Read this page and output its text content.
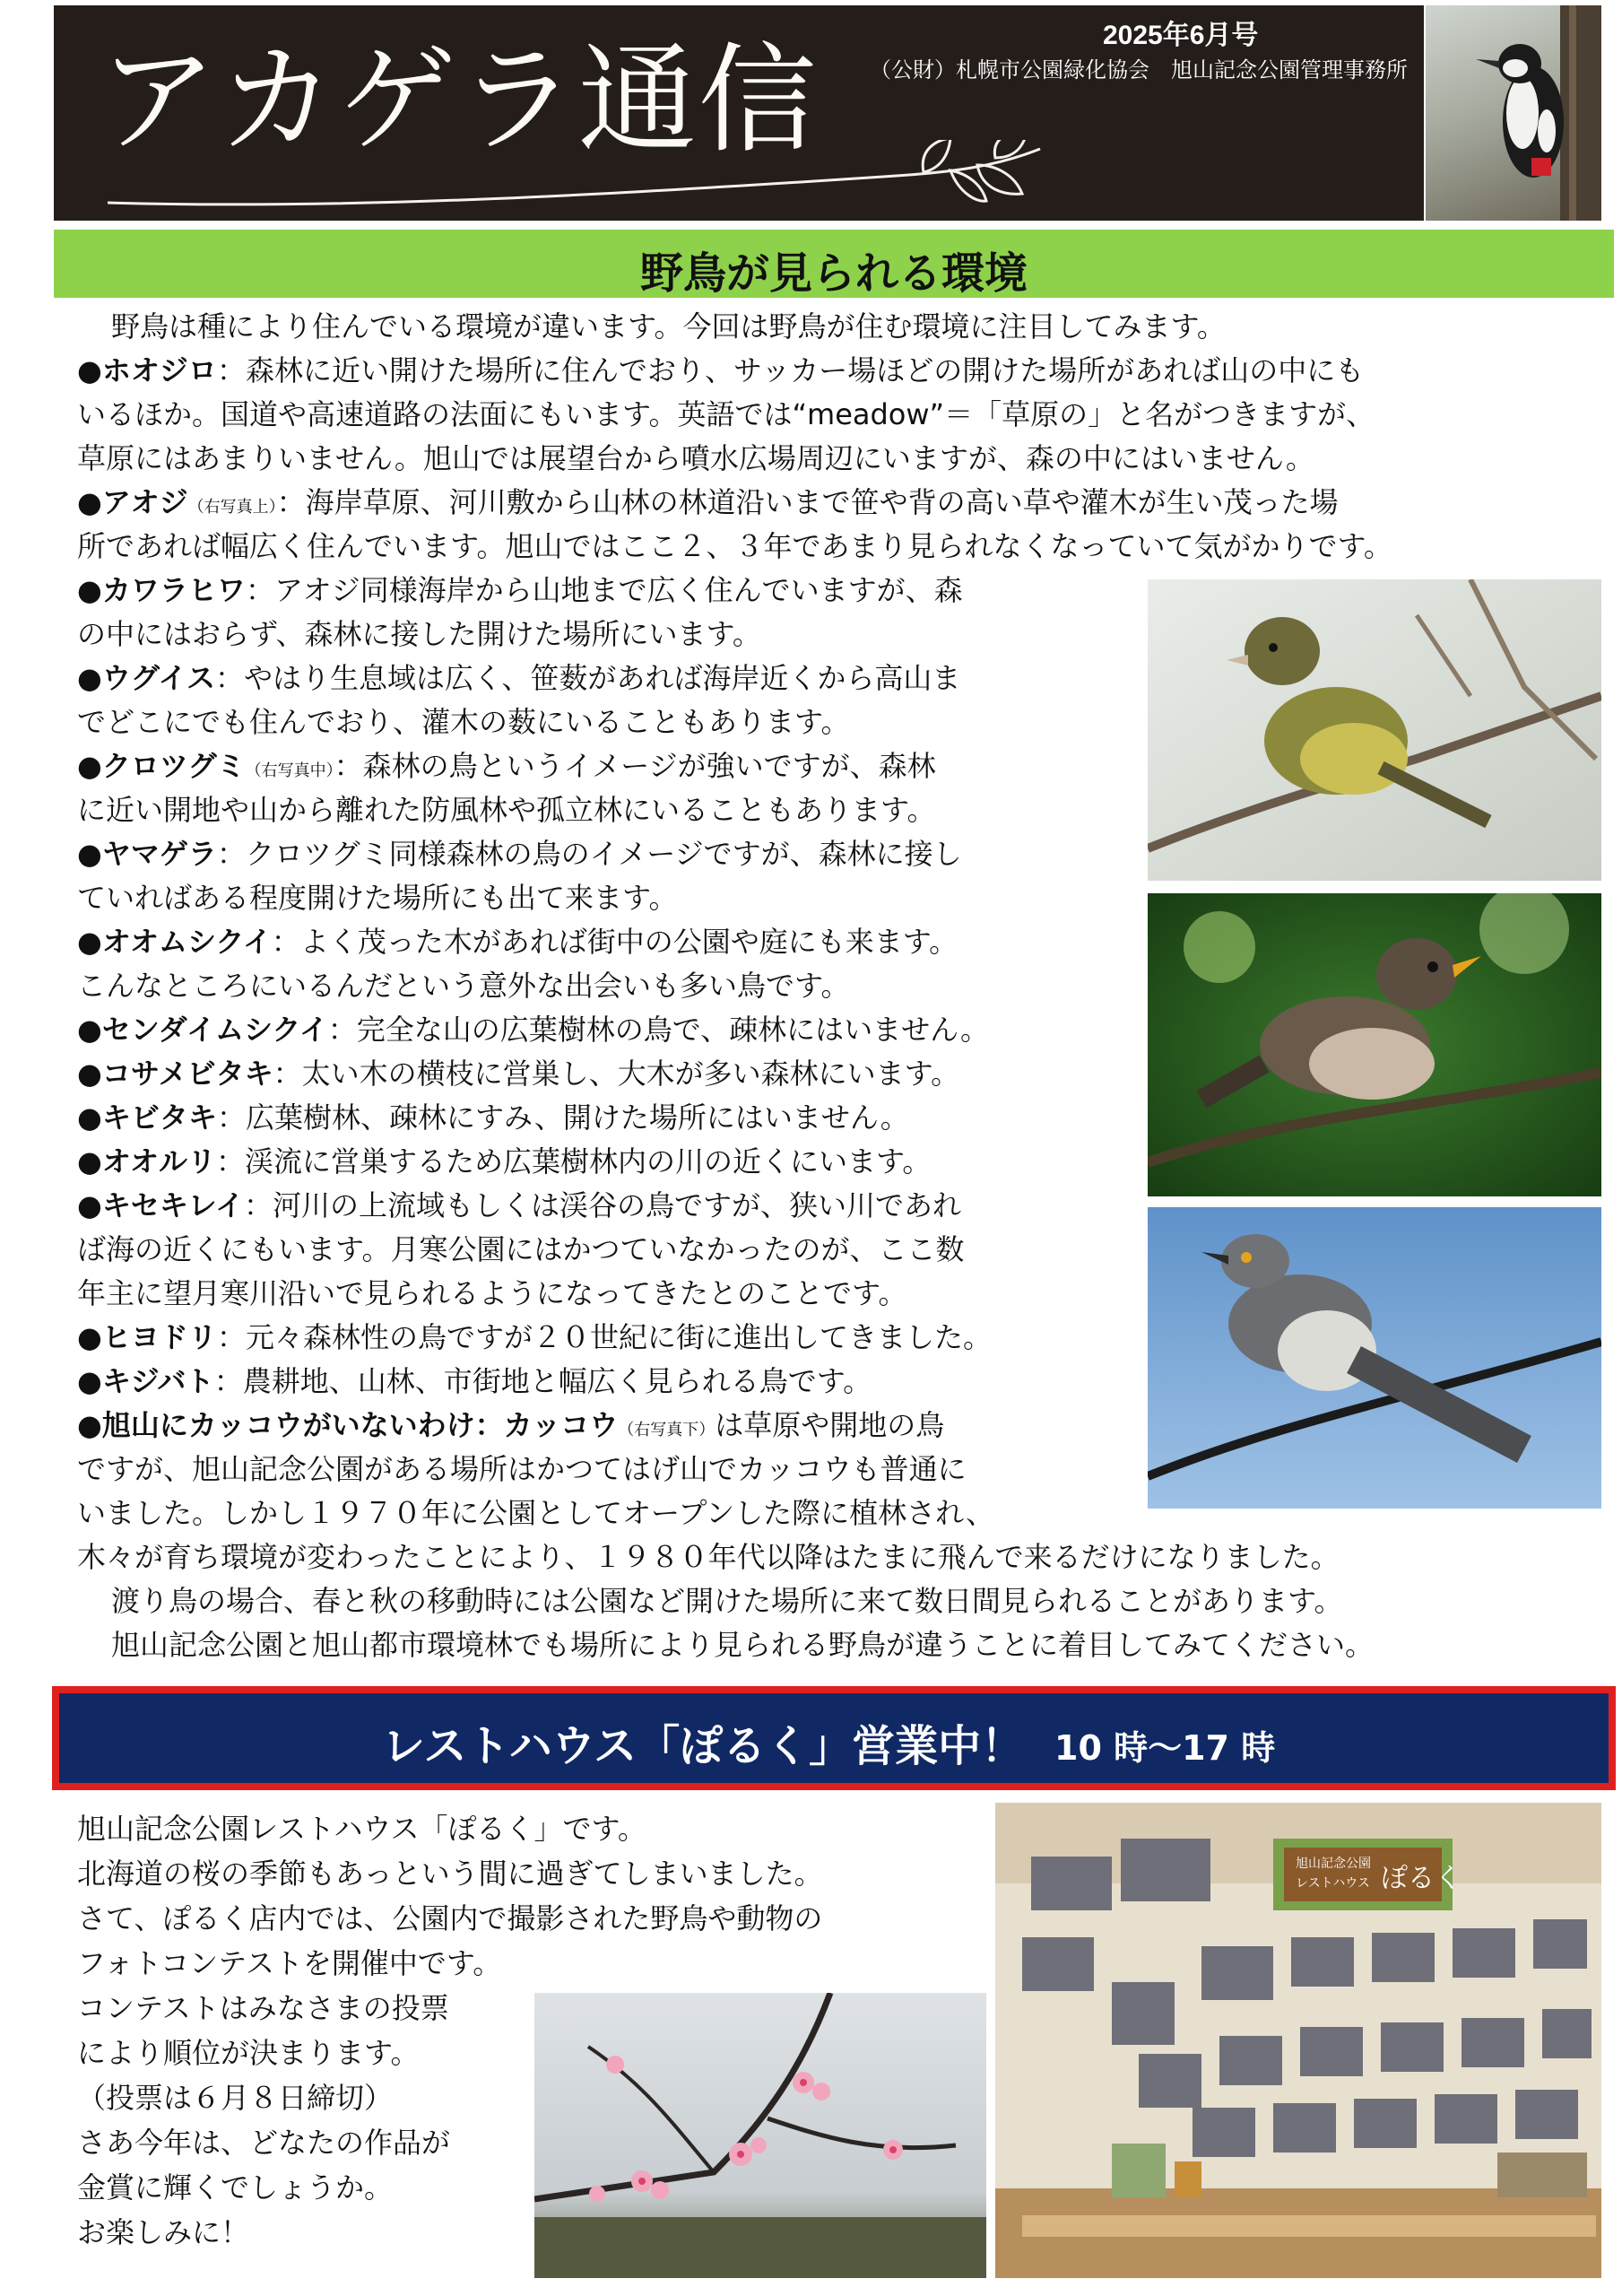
アカゲラ通信	2025年6月号
（公財）札幌市公園緑化協会　旭山記念公園管理事務所
野鳥が見られる環境
野鳥は種により住んでいる環境が違います。今回は野鳥が住む環境に注目してみます。
●ホオジロ：森林に近い開けた場所に住んでおり、サッカー場ほどの開けた場所があれば山の中にも
いるほか。国道や高速道路の法面にもいます。英語では“meadow”＝「草原の」と名がつきますが、
草原にはあまりいません。旭山では展望台から噴水広場周辺にいますが、森の中にはいません。
●アオジ（右写真上）：海岸草原、河川敷から山林の林道沿いまで笹や背の高い草や灌木が生い茂った場
所であれば幅広く住んでいます。旭山ではここ２、３年であまり見られなくなっていて気がかりです。
●カワラヒワ：アオジ同様海岸から山地まで広く住んでいますが、森
の中にはおらず、森林に接した開けた場所にいます。
●ウグイス：やはり生息域は広く、笹薮があれば海岸近くから高山ま
でどこにでも住んでおり、灌木の薮にいることもあります。
●クロツグミ（右写真中）：森林の鳥というイメージが強いですが、森林
に近い開地や山から離れた防風林や孤立林にいることもあります。
●ヤマゲラ：クロツグミ同様森林の鳥のイメージですが、森林に接し
ていればある程度開けた場所にも出て来ます。
●オオムシクイ：よく茂った木があれば街中の公園や庭にも来ます。
こんなところにいるんだという意外な出会いも多い鳥です。
●センダイムシクイ：完全な山の広葉樹林の鳥で、疎林にはいません。
●コサメビタキ：太い木の横枝に営巣し、大木が多い森林にいます。
●キビタキ：広葉樹林、疎林にすみ、開けた場所にはいません。
●オオルリ：渓流に営巣するため広葉樹林内の川の近くにいます。
●キセキレイ：河川の上流域もしくは渓谷の鳥ですが、狭い川であれ
ば海の近くにもいます。月寒公園にはかつていなかったのが、ここ数
年主に望月寒川沿いで見られるようになってきたとのことです。
●ヒヨドリ：元々森林性の鳥ですが２０世紀に街に進出してきました。
●キジバト：農耕地、山林、市街地と幅広く見られる鳥です。
●旭山にカッコウがいないわけ：カッコウ（右写真下）は草原や開地の鳥
ですが、旭山記念公園がある場所はかつてはげ山でカッコウも普通に
いました。しかし１９７０年に公園としてオープンした際に植林され、
木々が育ち環境が変わったことにより、１９８０年代以降はたまに飛んで来るだけになりました。
渡り鳥の場合、春と秋の移動時には公園など開けた場所に来て数日間見られることがあります。
旭山記念公園と旭山都市環境林でも場所により見られる野鳥が違うことに着目してみてください。
レストハウス「ぽるく」営業中！ 10 時～17 時
旭山記念公園レストハウス「ぽるく」です。
北海道の桜の季節もあっという間に過ぎてしまいました。
さて、ぽるく店内では、公園内で撮影された野鳥や動物の
フォトコンテストを開催中です。
コンテストはみなさまの投票
により順位が決まります。
（投票は６月８日締切）
さあ今年は、どなたの作品が
金賞に輝くでしょうか。
お楽しみに！
旭山記念公園
レストハウス ぽるく
